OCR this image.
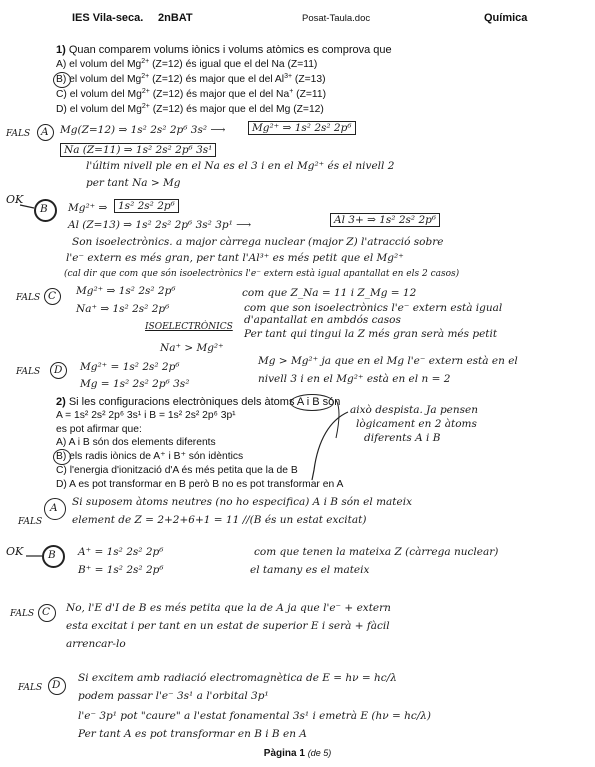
IES Vila-seca. 2nBAT	Posat-Taula.doc	Química
1) Quan comparem volums iònics i volums atòmics es comprova que
A) el volum del $Mg^{2+}$ (Z=12) és igual que el del Na (Z=11)
B) el volum del $Mg^{2+}$ (Z=12) és major que el del $Al^{3+}$ (Z=13)
C) el volum del $Mg^{2+}$ (Z=12) és major que el del Na+ (Z=11)
D) el volum del $Mg^{2+}$ (Z=12) és major que el del Mg (Z=12)
FALS A Mg(Z=12) ⇒ 1s² 2s² 2p⁶ 3s² ⟶	Mg²⁺ ⇒ 1s² 2s² 2p⁶
Na (Z=11) ⇒ 1s² 2s² 2p⁶ 3s¹
l'últim nivell ple en el Na es el 3 i en el Mg²⁺ és el nivell 2
per tant Na > Mg
OK
B Mg²⁺ ⇒	1s² 2s² 2p⁶
Al (Z=13) ⇒ 1s² 2s² 2p⁶ 3s² 3p¹ ⟶	Al 3+ ⇒ 1s² 2s² 2p⁶
Son isoelectrònics. a major càrrega nuclear (major Z) l'atracció sobre
l'e⁻ extern es més gran, per tant l'Al³⁺ es més petit que el Mg²⁺
(cal dir que com que són isoelectrònics l'e⁻ extern està igual apantallat en els 2 casos)
FALS C Mg²⁺ ⇒ 1s² 2s² 2p⁶
Na⁺ ⇒ 1s² 2s² 2p⁶
ISOELECTRÒNICS
Na⁺ > Mg²⁺
com que Z_Na = 11 i Z_Mg = 12
com que son isoelectrònics l'e⁻ extern està igual
d'apantallat en ambdós casos
Per tant qui tingui la Z més gran serà més petit
FALS D Mg²⁺ = 1s² 2s² 2p⁶
Mg = 1s² 2s² 2p⁶ 3s²
Mg > Mg²⁺ ja que en el Mg l'e⁻ extern està en el
nivell 3 i en el Mg²⁺ està en el n = 2
2) Si les configuracions electròniques dels àtoms A i B són
A = 1s² 2s² 2p⁶ 3s¹ i B = 1s² 2s² 2p⁶ 3p¹
es pot afirmar que:
A) A i B són dos elements diferents
B) els radis iònics de A⁺ i B⁺ són idèntics
C) l'energia d'ionització d'A és més petita que la de B
D) A es pot transformar en B però B no es pot transformar en A
això despista. Ja pensen
lògicament en 2 àtoms
diferents A i B
A
FALS
Si suposem àtoms neutres (no ho especifica) A i B són el mateix
element de Z = 2+2+6+1 = 11 //(B és un estat excitat)
OK B A⁺ = 1s² 2s² 2p⁶
B⁺ = 1s² 2s² 2p⁶
com que tenen la mateixa Z (càrrega nuclear)
el tamany es el mateix
FALS C No, l'E d'I de B es més petita que la de A ja que l'e⁻ + extern
esta excitat i per tant en un estat de superior E i serà + fàcil
arrencar-lo
FALS D
Si excitem amb radiació electromagnètica de E = hν = hc/λ
podem passar l'e⁻ 3s¹ a l'orbital 3p¹
l'e⁻ 3p¹ pot "caure" a l'estat fonamental 3s¹ i emetrà E (hν = hc/λ)
Per tant A es pot transformar en B i B en A
Pàgina 1 (de 5)
